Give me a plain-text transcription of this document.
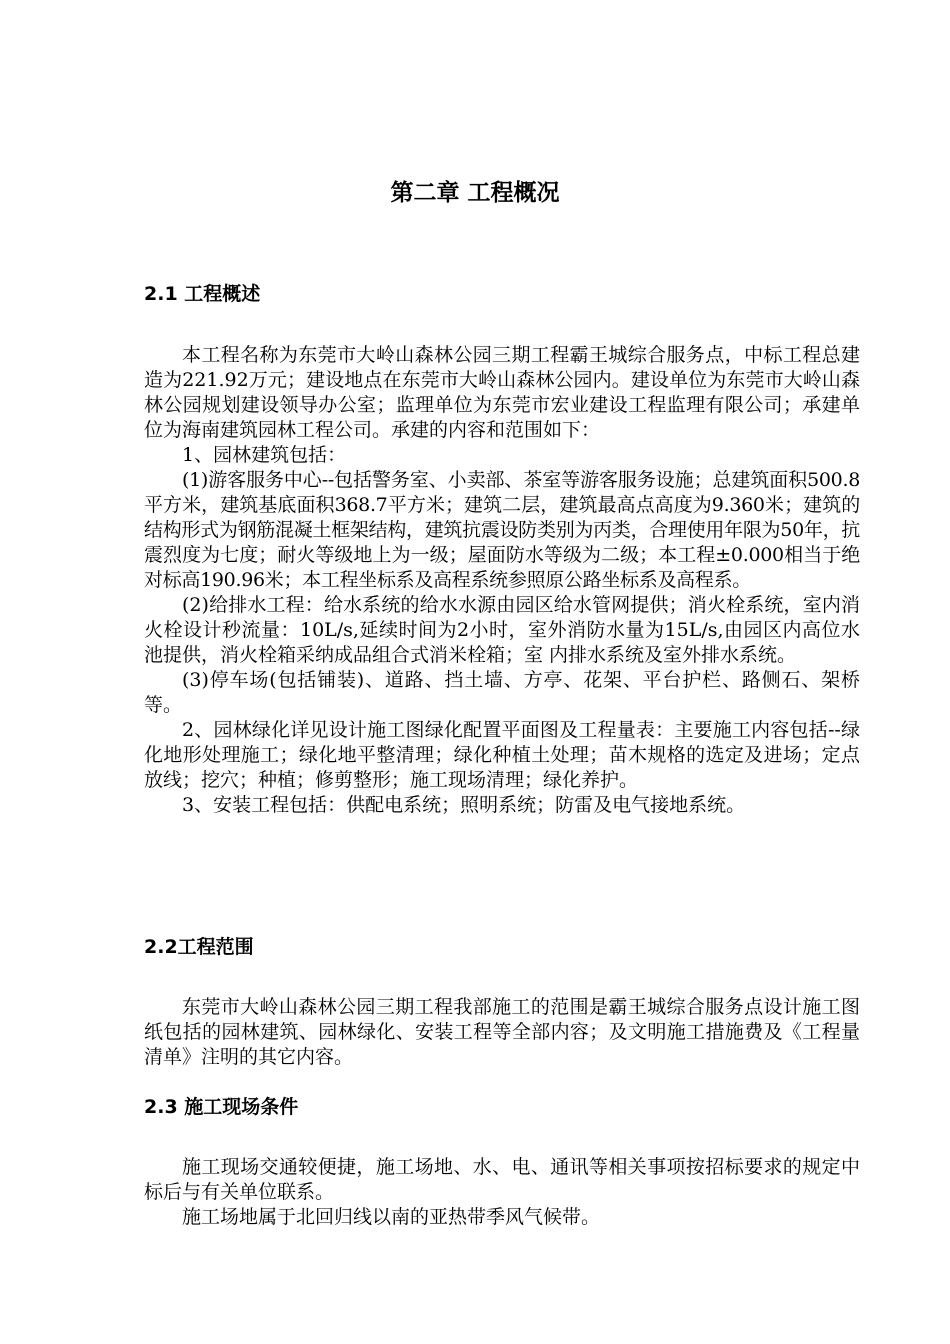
第二章 工程概况
2.1 工程概述

本工程名称为东莞市大岭山森林公园三期工程霸王城综合服务点，中标工程总建造为221.92万元；建设地点在东莞市大岭山森林公园内。建设单位为东莞市大岭山森林公园规划建设领导办公室；监理单位为东莞市宏业建设工程监理有限公司；承建单位为海南建筑园林工程公司。承建的内容和范围如下：

1、园林建筑包括：

(1)游客服务中心--包括警务室、小卖部、茶室等游客服务设施；总建筑面积500.8平方米，建筑基底面积368.7平方米；建筑二层，建筑最高点高度为9.360米；建筑的结构形式为钢筋混凝土框架结构，建筑抗震设防类别为丙类，合理使用年限为50年，抗震烈度为七度；耐火等级地上为一级；屋面防水等级为二级；本工程±0.000相当于绝对标高190.96米；本工程坐标系及高程系统参照原公路坐标系及高程系。

(2)给排水工程：给水系统的给水水源由园区给水管网提供；消火栓系统，室内消火栓设计秒流量：10L/s,延续时间为2小时，室外消防水量为15L/s,由园区内高位水池提供，消火栓箱采纳成品组合式消米栓箱；室 内排水系统及室外排水系统。

(3)停车场(包括铺装)、道路、挡土墙、方亭、花架、平台护栏、路侧石、架桥等。

2、园林绿化详见设计施工图绿化配置平面图及工程量表：主要施工内容包括--绿化地形处理施工；绿化地平整清理；绿化种植土处理；苗木规格的选定及进场；定点放线；挖穴；种植；修剪整形；施工现场清理；绿化养护。

3、安装工程包括：供配电系统；照明系统；防雷及电气接地系统。

2.2工程范围

东莞市大岭山森林公园三期工程我部施工的范围是霸王城综合服务点设计施工图纸包括的园林建筑、园林绿化、安装工程等全部内容；及文明施工措施费及《工程量清单》注明的其它内容。

2.3 施工现场条件

施工现场交通较便捷，施工场地、水、电、通讯等相关事项按招标要求的规定中标后与有关单位联系。

施工场地属于北回归线以南的亚热带季风气候带。
